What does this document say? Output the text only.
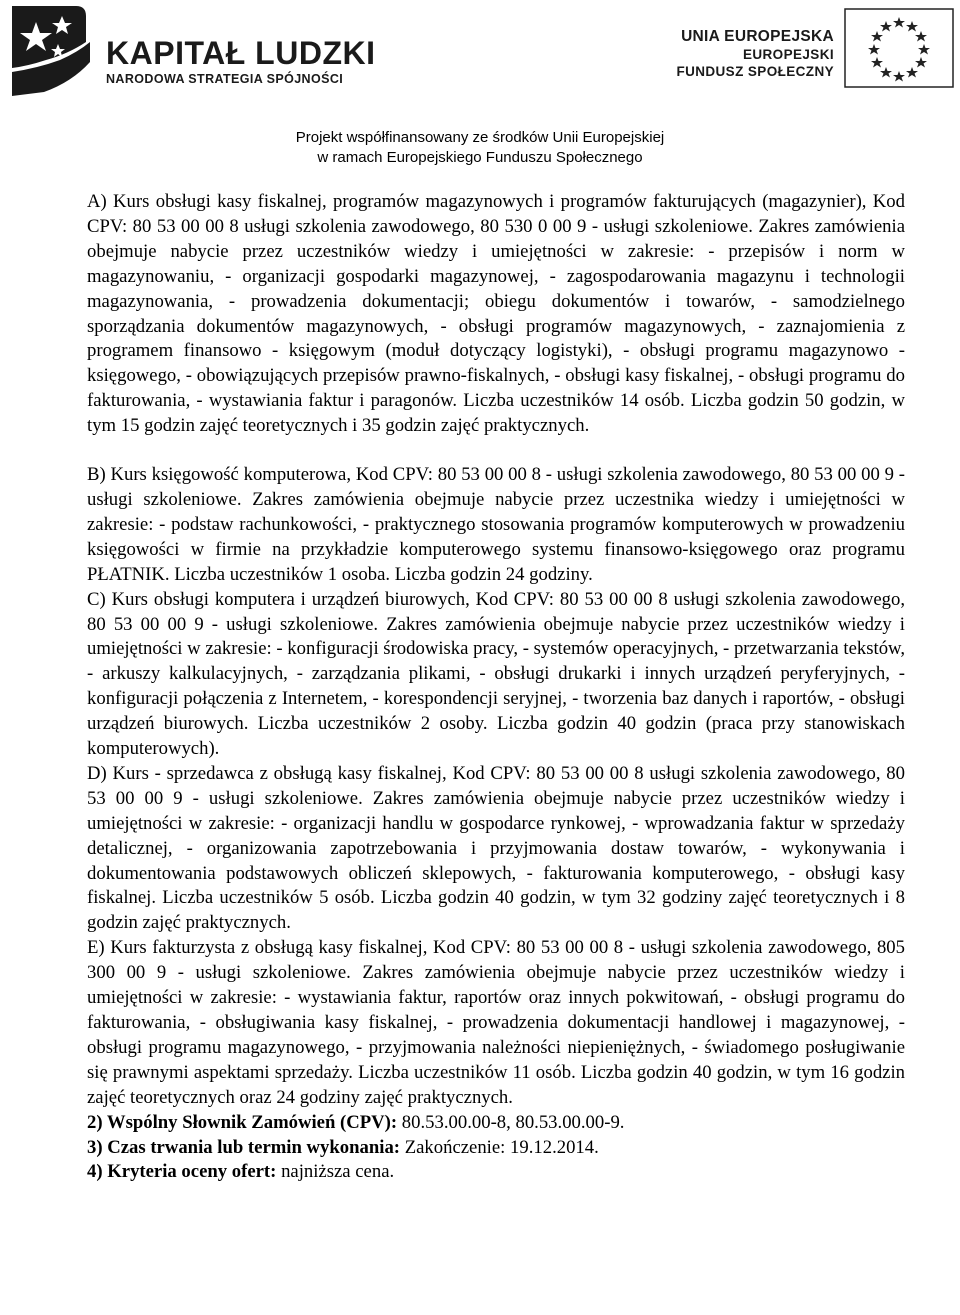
KAPITAŁ LUDZKI
NARODOWA STRATEGIA SPÓJNOŚCI
UNIA EUROPEJSKA
EUROPEJSKI
FUNDUSZ SPOŁECZNY
Projekt współfinansowany ze środków Unii Europejskiej
w ramach Europejskiego Funduszu Społecznego

A) Kurs obsługi kasy fiskalnej, programów magazynowych i programów fakturujących (magazynier), Kod CPV: 80 53 00 00 8 usługi szkolenia zawodowego, 80 530 0 00 9 - usługi szkoleniowe. Zakres zamówienia obejmuje nabycie przez uczestników wiedzy i umiejętności w zakresie: - przepisów i norm w magazynowaniu, - organizacji gospodarki magazynowej, - zagospodarowania magazynu i technologii magazynowania, - prowadzenia dokumentacji; obiegu dokumentów i towarów, - samodzielnego sporządzania dokumentów magazynowych, - obsługi programów magazynowych, - zaznajomienia z programem finansowo - księgowym (moduł dotyczący logistyki), - obsługi programu magazynowo - księgowego, - obowiązujących przepisów prawno-fiskalnych, - obsługi kasy fiskalnej, - obsługi programu do fakturowania, - wystawiania faktur i paragonów. Liczba uczestników 14 osób. Liczba godzin 50 godzin, w tym 15 godzin zajęć teoretycznych i 35 godzin zajęć praktycznych.

B) Kurs księgowość komputerowa, Kod CPV: 80 53 00 00 8 - usługi szkolenia zawodowego, 80 53 00 00 9 - usługi szkoleniowe. Zakres zamówienia obejmuje nabycie przez uczestnika wiedzy i umiejętności w zakresie: - podstaw rachunkowości, - praktycznego stosowania programów komputerowych w prowadzeniu księgowości w firmie na przykładzie komputerowego systemu finansowo-księgowego oraz programu PŁATNIK. Liczba uczestników 1 osoba. Liczba godzin 24 godziny.

C) Kurs obsługi komputera i urządzeń biurowych, Kod CPV: 80 53 00 00 8 usługi szkolenia zawodowego, 80 53 00 00 9 - usługi szkoleniowe. Zakres zamówienia obejmuje nabycie przez uczestników wiedzy i umiejętności w zakresie: - konfiguracji środowiska pracy, - systemów operacyjnych, - przetwarzania tekstów, - arkuszy kalkulacyjnych, - zarządzania plikami, - obsługi drukarki i innych urządzeń peryferyjnych, - konfiguracji połączenia z Internetem, - korespondencji seryjnej, - tworzenia baz danych i raportów, - obsługi urządzeń biurowych. Liczba uczestników 2 osoby. Liczba godzin 40 godzin (praca przy stanowiskach komputerowych).

D) Kurs - sprzedawca z obsługą kasy fiskalnej, Kod CPV: 80 53 00 00 8 usługi szkolenia zawodowego, 80 53 00 00 9 - usługi szkoleniowe. Zakres zamówienia obejmuje nabycie przez uczestników wiedzy i umiejętności w zakresie: - organizacji handlu w gospodarce rynkowej, - wprowadzania faktur w sprzedaży detalicznej, - organizowania zapotrzebowania i przyjmowania dostaw towarów, - wykonywania i dokumentowania podstawowych obliczeń sklepowych, - fakturowania komputerowego, - obsługi kasy fiskalnej. Liczba uczestników 5 osób. Liczba godzin 40 godzin, w tym 32 godziny zajęć teoretycznych i 8 godzin zajęć praktycznych.

E) Kurs fakturzysta z obsługą kasy fiskalnej, Kod CPV: 80 53 00 00 8 - usługi szkolenia zawodowego, 805 300 00 9 - usługi szkoleniowe. Zakres zamówienia obejmuje nabycie przez uczestników wiedzy i umiejętności w zakresie: - wystawiania faktur, raportów oraz innych pokwitowań, - obsługi programu do fakturowania, - obsługiwania kasy fiskalnej, - prowadzenia dokumentacji handlowej i magazynowej, - obsługi programu magazynowego, - przyjmowania należności niepieniężnych, - świadomego posługiwanie się prawnymi aspektami sprzedaży. Liczba uczestników 11 osób. Liczba godzin 40 godzin, w tym 16 godzin zajęć teoretycznych oraz 24 godziny zajęć praktycznych.

2) Wspólny Słownik Zamówień (CPV): 80.53.00.00-8, 80.53.00.00-9.

3) Czas trwania lub termin wykonania: Zakończenie: 19.12.2014.

4) Kryteria oceny ofert: najniższa cena.
